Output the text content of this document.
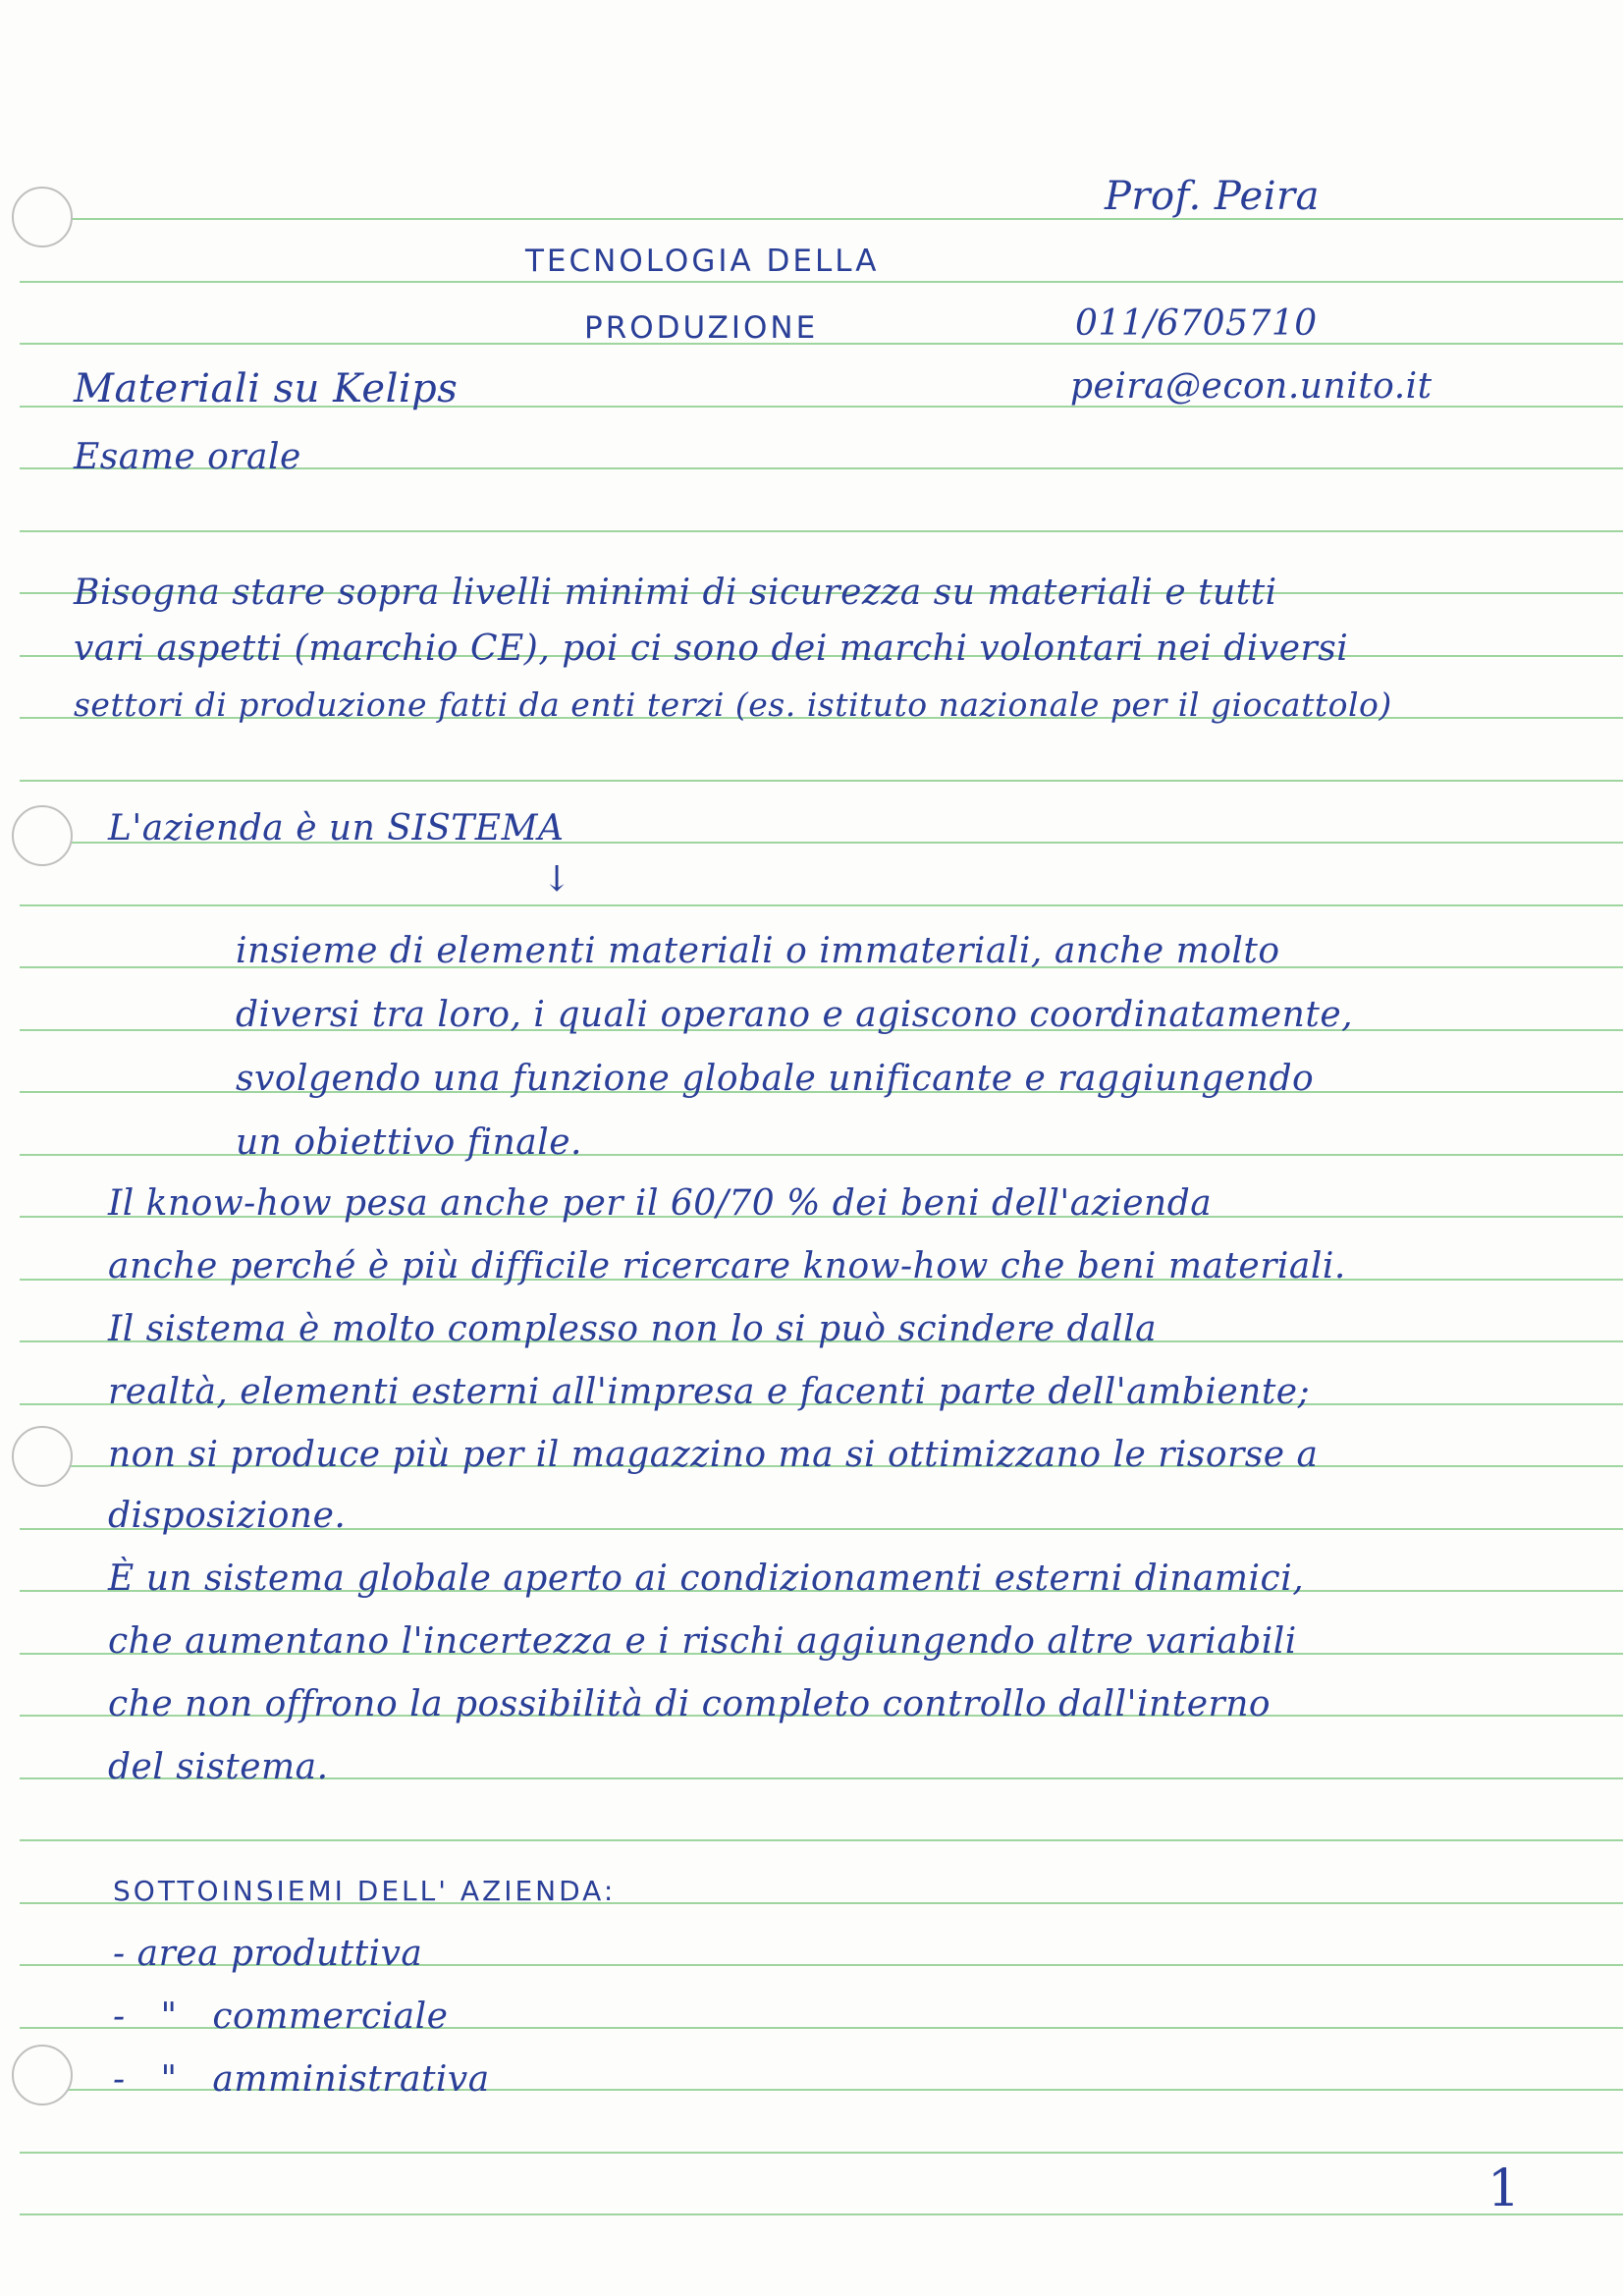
Prof. Peira
TECNOLOGIA DELLA
PRODUZIONE	011/6705710
peira@econ.unito.it
Materiali su Kelips
Esame orale
Bisogna stare sopra livelli minimi di sicurezza su materiali e tutti
vari aspetti (marchio CE), poi ci sono dei marchi volontari nei diversi
settori di produzione fatti da enti terzi (es. istituto nazionale per il giocattolo)
L'azienda è un SISTEMA
↓
insieme di elementi materiali o immateriali, anche molto
diversi tra loro, i quali operano e agiscono coordinatamente,
svolgendo una funzione globale unificante e raggiungendo
un obiettivo finale.
Il know-how pesa anche per il 60/70 % dei beni dell'azienda
anche perché è più difficile ricercare know-how che beni materiali.
Il sistema è molto complesso non lo si può scindere dalla
realtà, elementi esterni all'impresa e facenti parte dell'ambiente;
non si produce più per il magazzino ma si ottimizzano le risorse a
disposizione.
È un sistema globale aperto ai condizionamenti esterni dinamici,
che aumentano l'incertezza e i rischi aggiungendo altre variabili
che non offrono la possibilità di completo controllo dall'interno
del sistema.
SOTTOINSIEMI DELL' AZIENDA:
- area produttiva
-   "   commerciale
-   "   amministrativa
1
